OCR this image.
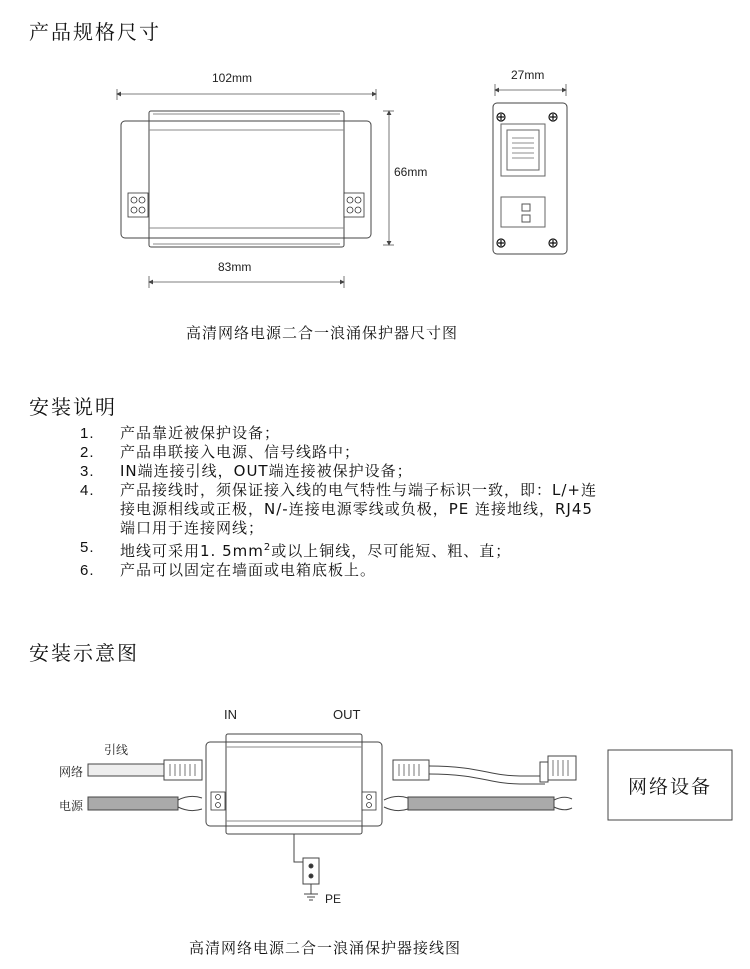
产品规格尺寸
高清网络电源二合一浪涌保护器尺寸图
安装说明
安装示意图
高清网络电源二合一浪涌保护器接线图
1.	产品靠近被保护设备；
2.	产品串联接入电源、信号线路中；
3.	IN端连接引线，OUT端连接被保护设备；
4.	产品接线时，须保证接入线的电气特性与端子标识一致，即：L/+连
接电源相线或正极，N/-连接电源零线或负极，PE 连接地线，RJ45
端口用于连接网线；
5.	地线可采用1. $5mm^2$或以上铜线，尽可能短、粗、直；
6.	产品可以固定在墙面或电箱底板上。
102mm
66mm
83mm
27mm
IN	OUT
引线
网络
电源
网络设备
PE
